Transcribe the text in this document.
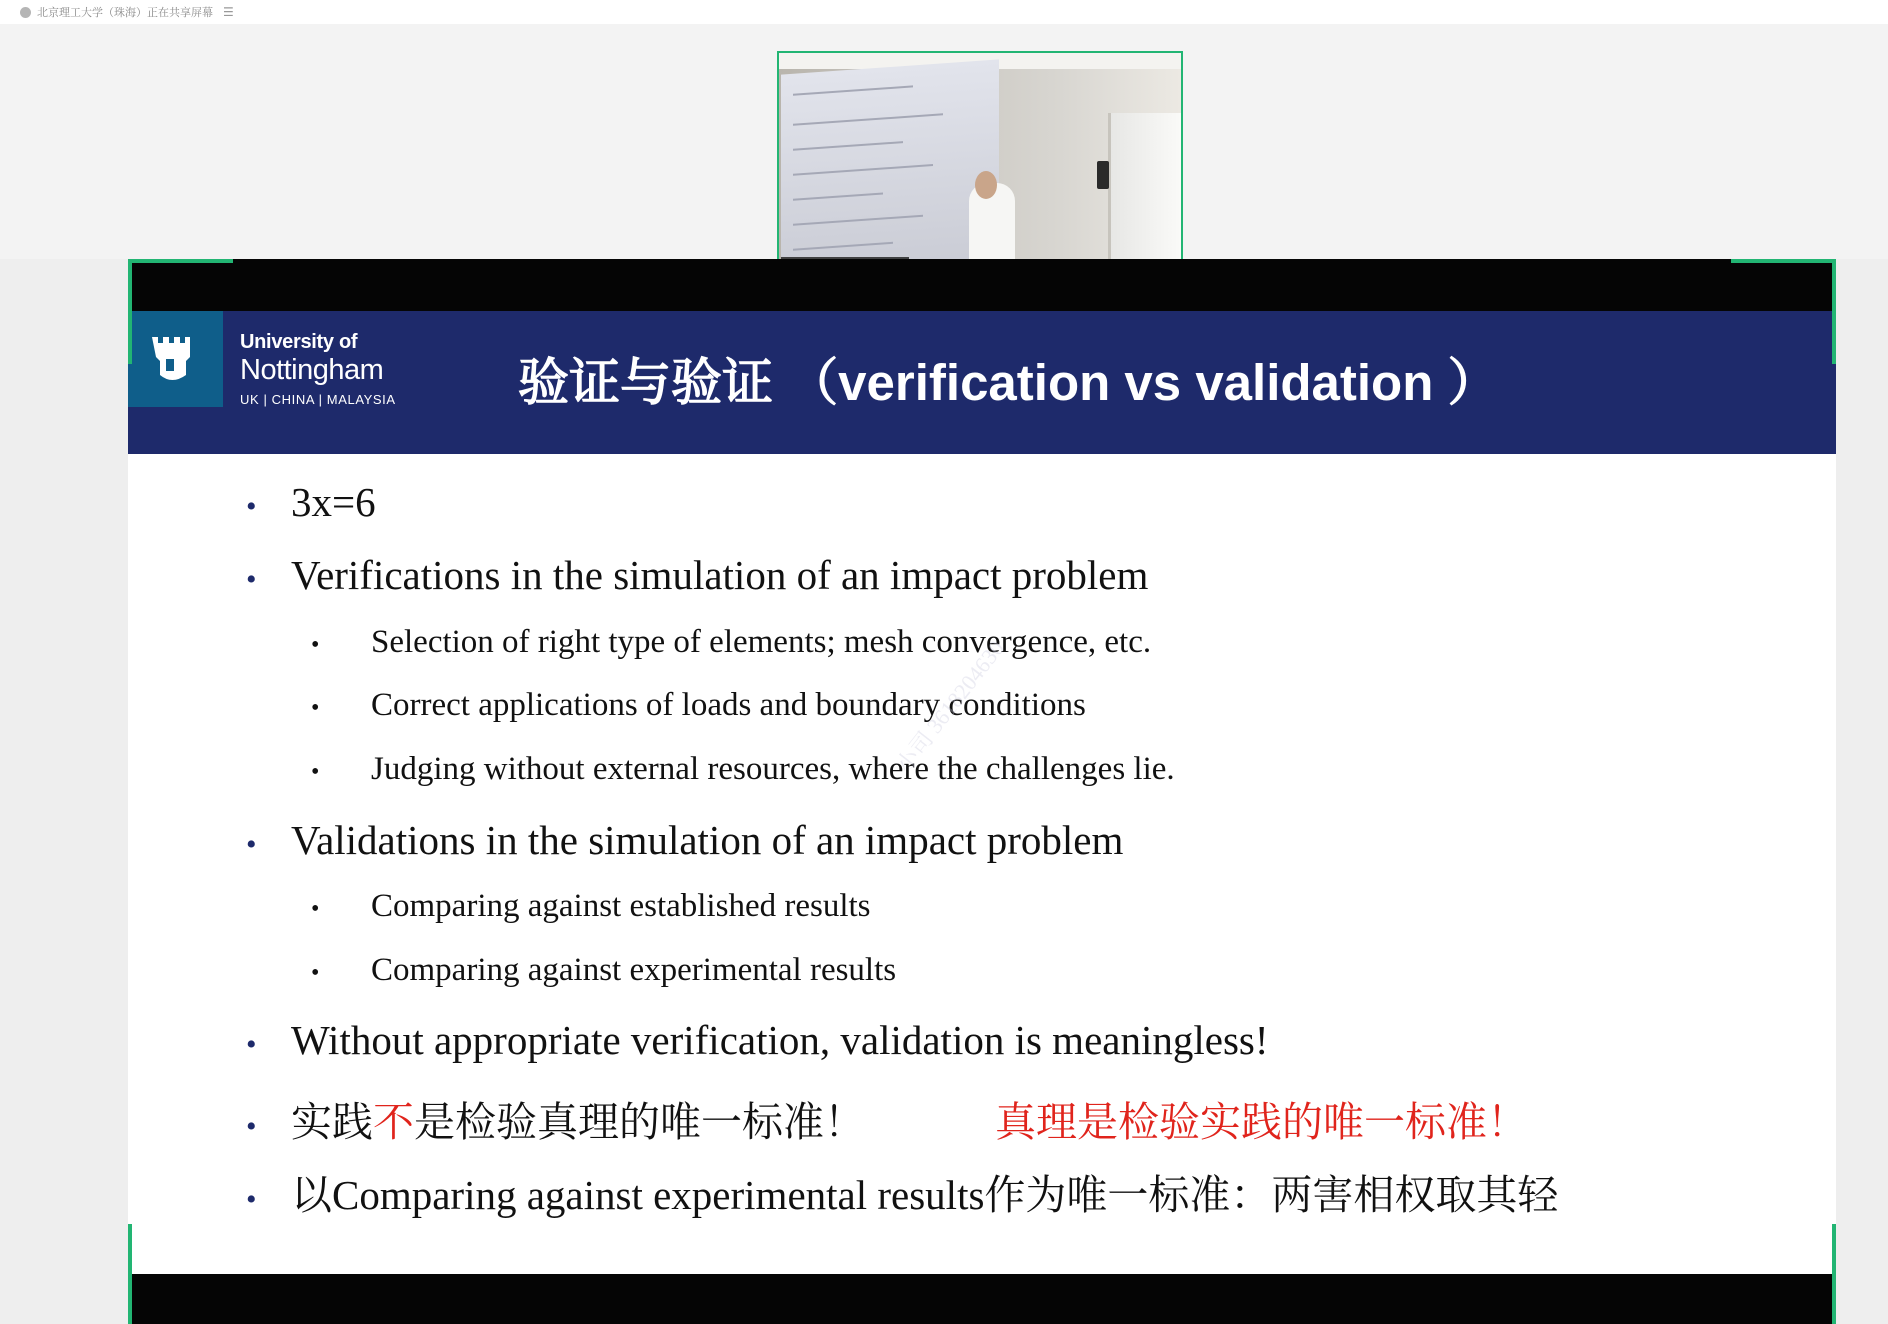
北京理工大学（珠海）正在共享屏幕 ☰
University of
Nottingham
UK | CHINA | MALAYSIA 验证与验证 （verification vs validation ）
• 3x=6
• Verifications in the simulation of an impact problem
•	Selection of right type of elements; mesh convergence, etc.
•	Correct applications of loads and boundary conditions
•	Judging without external resources, where the challenges lie.
• Validations in the simulation of an impact problem
•	Comparing against established results
•	Comparing against experimental results
• Without appropriate verification, validation is meaningless!
• 实践 不 是检验真理的唯一标准！	真理是检验实践的唯一标准！
• 以Comparing against experimental results作为唯一标准：两害相权取其轻
小司 3618204630
